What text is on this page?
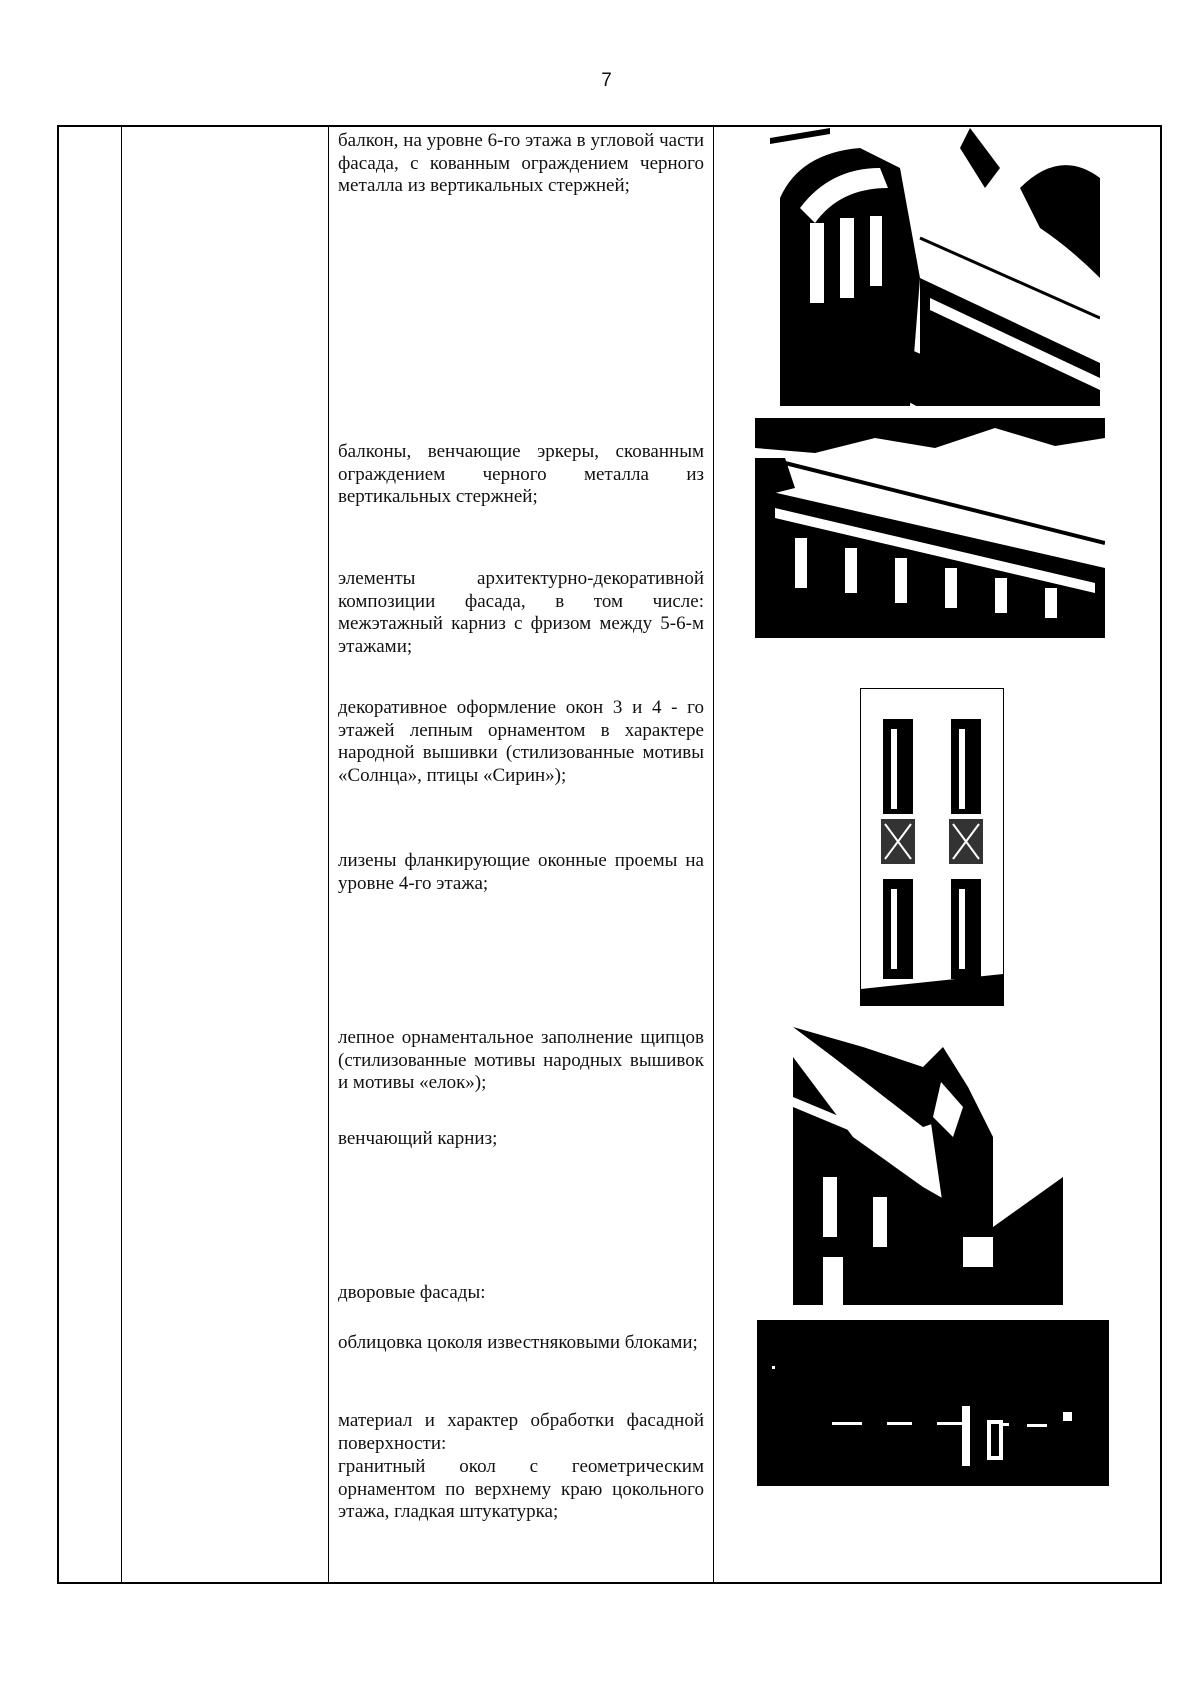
7
балкон, на уровне 6-го этажа в угловой части фасада, с кованным ограждением черного металла из вертикальных стержней;
балконы, венчающие эркеры, скованным ограждением черного металла из вертикальных стержней;
элементы архитектурно-декоративной композиции фасада, в том числе: межэтажный карниз с фризом между 5-6-м этажами;
декоративное оформление окон 3 и 4 - го этажей лепным орнаментом в характере народной вышивки (стилизованные мотивы «Солнца», птицы «Сирин»);
лизены фланкирующие оконные проемы на уровне 4-го этажа;
лепное орнаментальное заполнение щипцов (стилизованные мотивы народных вышивок и мотивы «елок»);
венчающий карниз;
дворовые фасады:
облицовка цоколя известняковыми блоками;
материал и характер обработки фасадной поверхности:
гранитный окол с геометрическим орнаментом по верхнему краю цокольного этажа, гладкая штукатурка;
